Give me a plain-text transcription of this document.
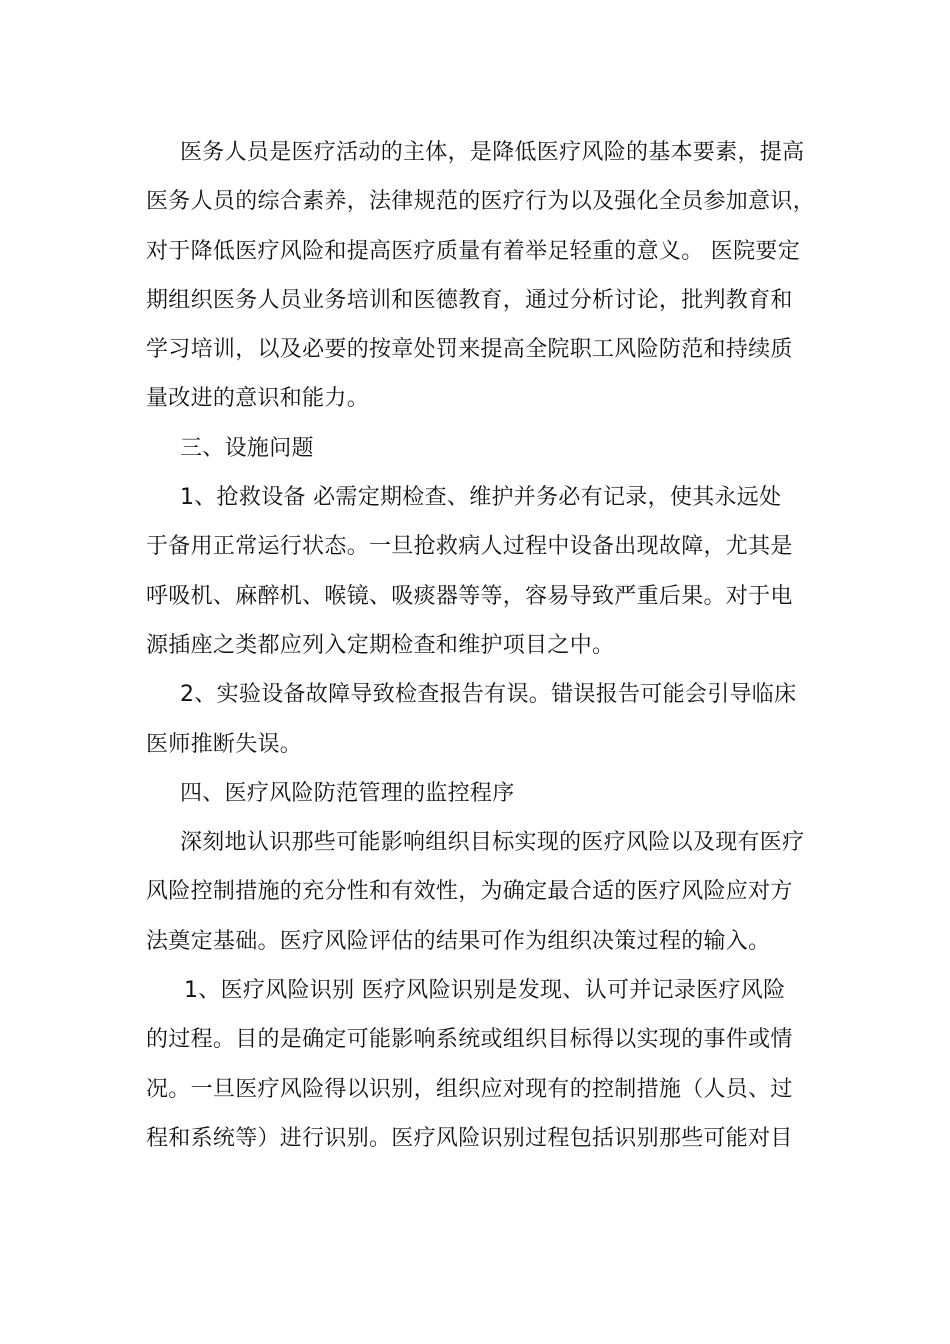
医务人员是医疗活动的主体，是降低医疗风险的基本要素，提高
医务人员的综合素养，法律规范的医疗行为以及强化全员参加意识，
对于降低医疗风险和提高医疗质量有着举足轻重的意义。 医院要定
期组织医务人员业务培训和医德教育，通过分析讨论，批判教育和
学习培训，以及必要的按章处罚来提高全院职工风险防范和持续质
量改进的意识和能力。
三、设施问题
1、抢救设备 必需定期检查、维护并务必有记录，使其永远处
于备用正常运行状态。一旦抢救病人过程中设备出现故障，尤其是
呼吸机、麻醉机、喉镜、吸痰器等等，容易导致严重后果。对于电
源插座之类都应列入定期检查和维护项目之中。
2、实验设备故障导致检查报告有误。错误报告可能会引导临床
医师推断失误。
四、医疗风险防范管理的监控程序
深刻地认识那些可能影响组织目标实现的医疗风险以及现有医疗
风险控制措施的充分性和有效性，为确定最合适的医疗风险应对方
法奠定基础。医疗风险评估的结果可作为组织决策过程的输入。
1、医疗风险识别 医疗风险识别是发现、认可并记录医疗风险
的过程。目的是确定可能影响系统或组织目标得以实现的事件或情
况。一旦医疗风险得以识别，组织应对现有的控制措施（人员、过
程和系统等）进行识别。医疗风险识别过程包括识别那些可能对目
